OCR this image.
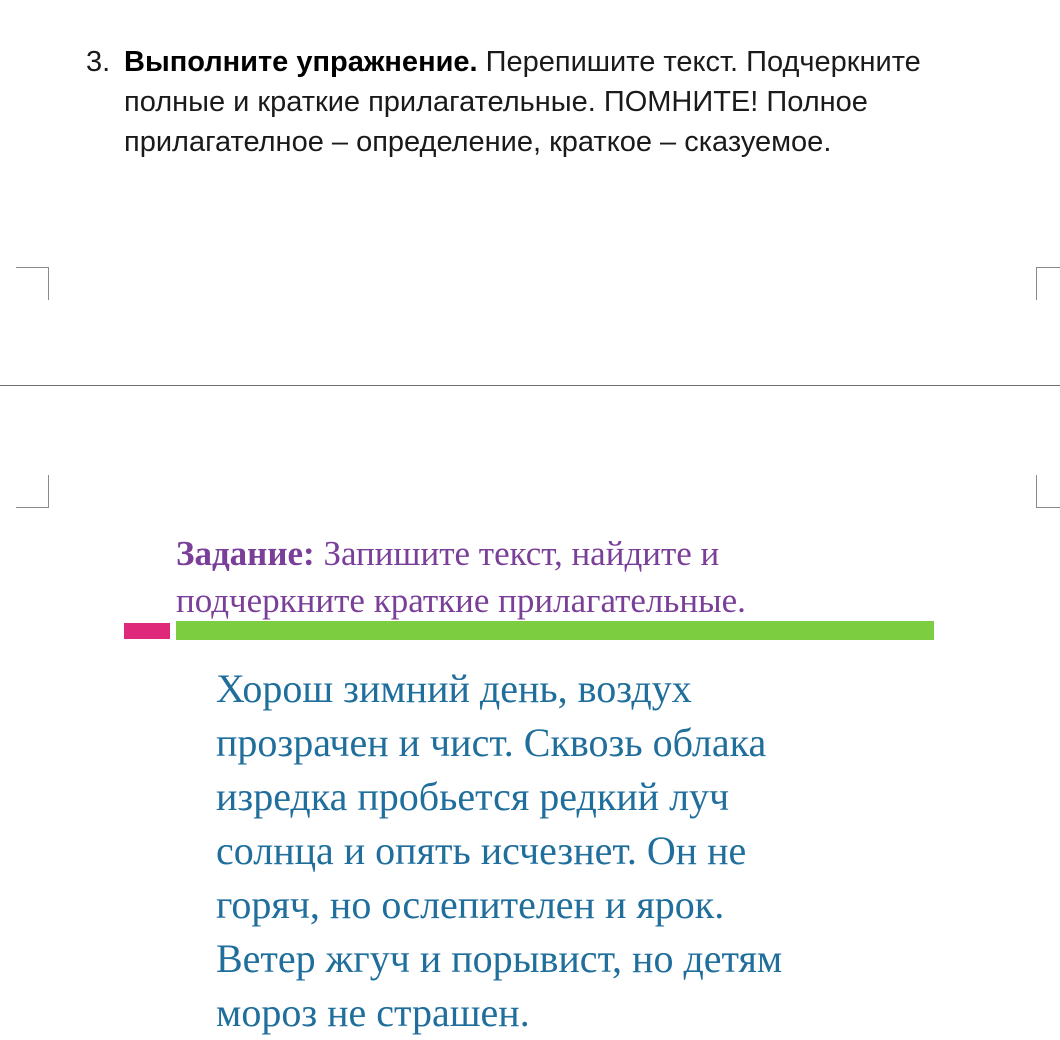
3. Выполните упражнение. Перепишите текст. Подчеркните
полные и краткие прилагательные. ПОМНИТЕ! Полное
прилагателное – определение, краткое – сказуемое.
Задание: Запишите текст, найдите и
подчеркните краткие прилагательные.
Хорош зимний день, воздух
прозрачен и чист. Сквозь облака
изредка пробьется редкий луч
солнца и опять исчезнет. Он не
горяч, но ослепителен и ярок.
Ветер жгуч и порывист, но детям
мороз не страшен.
